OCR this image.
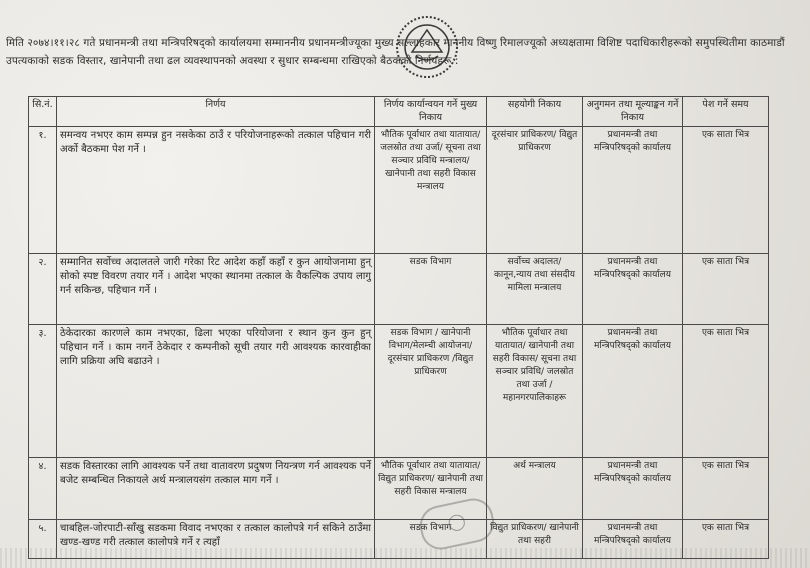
मिति २०७४।११।२८ गते प्रधानमन्त्री तथा मन्त्रिपरिषद्को कार्यालयमा सम्माननीय प्रधानमन्त्रीज्यूका मुख्य सल्लाहकार माननीय विष्णु रिमालज्यूको अध्यक्षतामा विशिष्ट पदाधिकारीहरूको समुपस्थितीमा काठमाडौं उपत्यकाको सडक विस्तार, खानेपानी तथा ढल व्यवस्थापनको अवस्था र सुधार सम्बन्धमा राखिएको बैठकको निर्णयहरू :

सि.नं.	निर्णय	निर्णय कार्यान्वयन गर्ने मुख्य निकाय	सहयोगी निकाय	अनुगमन तथा मूल्याङ्कन गर्ने निकाय	पेश गर्ने समय
१.	समन्वय नभएर काम सम्पन्न हुन नसकेका ठाउँ र परियोजनाहरूको तत्काल पहिचान गरी अर्को बैठकमा पेश गर्ने ।	भौतिक पूर्वाधार तथा यातायात/जलस्रोत तथा उर्जा/ सूचना तथा सञ्चार प्रविधि मन्त्रालय/खानेपानी तथा सहरी विकास मन्त्रालय	दूरसंचार प्राधिकरण/ विद्युत प्राधिकरण	प्रधानमन्त्री तथा मन्त्रिपरिषद्को कार्यालय	एक साता भित्र
२.	सम्मानित सर्वोच्च अदालतले जारी गरेका रिट आदेश कहाँ कहाँ र कुन आयोजनामा हुन् सोको स्पष्ट विवरण तयार गर्ने । आदेश भएका स्थानमा तत्काल के वैकल्पिक उपाय लागु गर्न सकिन्छ, पहिचान गर्ने ।	सडक विभाग	सर्वोच्च अदालत/ कानून,न्याय तथा संसदीय मामिला मन्त्रालय	प्रधानमन्त्री तथा मन्त्रिपरिषद्को कार्यालय	एक साता भित्र
३.	ठेकेदारका कारणले काम नभएका, ढिला भएका परियोजना र स्थान कुन कुन हुन् पहिचान गर्ने । काम नगर्ने ठेकेदार र कम्पनीको सूची तयार गरी आवश्यक कारवाहीका लागि प्रक्रिया अघि बढाउने ।	सडक विभाग / खानेपानी विभाग/मेलम्ची आयोजना/दूरसंचार प्राधिकरण /विद्युत प्राधिकरण	भौतिक पूर्वाधार तथा यातायात/ खानेपानी तथा सहरी विकास/ सूचना तथा सञ्चार प्रविधि/ जलस्रोत तथा उर्जा /महानगरपालिकाहरू	प्रधानमन्त्री तथा मन्त्रिपरिषद्को कार्यालय	एक साता भित्र
४.	सडक विस्तारका लागि आवश्यक पर्ने तथा वातावरण प्रदुषण नियन्त्रण गर्न आवश्यक पर्ने बजेट सम्बन्धित निकायले अर्थ मन्त्रालयसंग तत्काल माग गर्ने ।	भौतिक पूर्वाधार तथा यातायात/विद्युत प्राधिकरण/ खानेपानी तथा सहरी विकास मन्त्रालय	अर्थ मन्त्रालय	प्रधानमन्त्री तथा मन्त्रिपरिषद्को कार्यालय	एक साता भित्र
५.	चाबहिल-जोरपाटी-साँखु सडकमा विवाद नभएका र तत्काल कालोपत्रे गर्न सकिने ठाउँमा खण्ड-खण्ड गरी तत्काल कालोपत्रे गर्ने र त्यहाँ	सडक विभाग	विद्युत प्राधिकरण/ खानेपानी तथा सहरी	प्रधानमन्त्री तथा मन्त्रिपरिषद्को कार्यालय	एक साता भित्र
◯
